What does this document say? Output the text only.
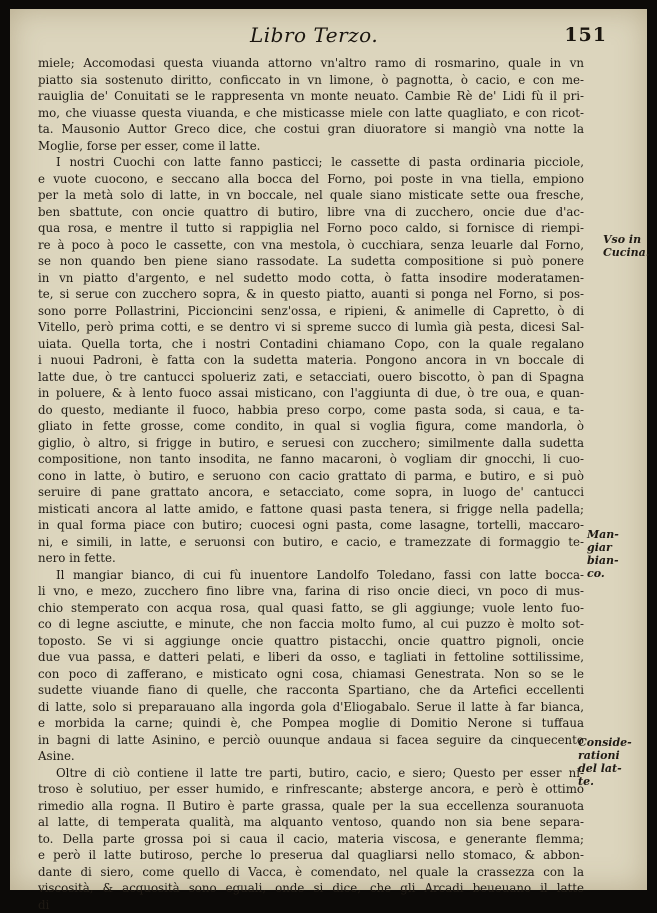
Libro Terzo.	151
miele; Accomodasi questa viuanda attorno vn'altro ramo di rosmarino, quale in vn
piatto sia sostenuto diritto, conficcato in vn limone, ò pagnotta, ò cacio, e con me-
rauiglia de' Conuitati se le rappresenta vn monte neuato. Cambie Rè de' Lidi fù il pri-
mo, che viuasse questa viuanda, e che misticasse miele con latte quagliato, e con ricot-
ta. Mausonio Auttor Greco dice, che costui gran diuoratore si mangiò vna notte la
Moglie, forse per esser, come il latte.
I nostri Cuochi con latte fanno pasticci; le cassette di pasta ordinaria picciole,
e vuote cuocono, e seccano alla bocca del Forno, poi poste in vna tiella, empiono
per la metà solo di latte, in vn boccale, nel quale siano misticate sette oua fresche,
ben sbattute, con oncie quattro di butiro, libre vna di zucchero, oncie due d'ac-
qua rosa, e mentre il tutto si rappiglia nel Forno poco caldo, si fornisce di riempi-
re à poco à poco le cassette, con vna mestola, ò cucchiara, senza leuarle dal Forno,
se non quando ben piene siano rassodate. La sudetta compositione si può ponere
in vn piatto d'argento, e nel sudetto modo cotta, ò fatta insodire moderatamen-
te, si serue con zucchero sopra, & in questo piatto, auanti si ponga nel Forno, si pos-
sono porre Pollastrini, Piccioncini senz'ossa, e ripieni, & animelle di Capretto, ò di
Vitello, però prima cotti, e se dentro vi si spreme succo di lumìa già pesta, dicesi Sal-
uiata. Quella torta, che i nostri Contadini chiamano Copo, con la quale regalano
i nuoui Padroni, è fatta con la sudetta materia. Pongono ancora in vn boccale di
latte due, ò tre cantucci spolueriz zati, e setacciati, ouero biscotto, ò pan di Spagna
in poluere, & à lento fuoco assai misticano, con l'aggiunta di due, ò tre oua, e quan-
do questo, mediante il fuoco, habbia preso corpo, come pasta soda, si caua, e ta-
gliato in fette grosse, come condito, in qual si voglia figura, come mandorla, ò
giglio, ò altro, si frigge in butiro, e seruesi con zucchero; similmente dalla sudetta
compositione, non tanto insodita, ne fanno macaroni, ò vogliam dir gnocchi, li cuo-
cono in latte, ò butiro, e seruono con cacio grattato di parma, e butiro, e si può
seruire di pane grattato ancora, e setacciato, come sopra, in luogo de' cantucci
misticati ancora al latte amido, e fattone quasi pasta tenera, si frigge nella padella;
in qual forma piace con butiro; cuocesi ogni pasta, come lasagne, tortelli, maccaro-
ni, e simili, in latte, e seruonsi con butiro, e cacio, e tramezzate di formaggio te-
nero in fette.
Il mangiar bianco, di cui fù inuentore Landolfo Toledano, fassi con latte bocca-
li vno, e mezo, zucchero fino libre vna, farina di riso oncie dieci, vn poco di mus-
chio stemperato con acqua rosa, qual quasi fatto, se gli aggiunge; vuole lento fuo-
co di legne asciutte, e minute, che non faccia molto fumo, al cui puzzo è molto sot-
toposto. Se vi si aggiunge oncie quattro pistacchi, oncie quattro pignoli, oncie
due vua passa, e datteri pelati, e liberi da osso, e tagliati in fettoline sottilissime,
con poco di zafferano, e misticato ogni cosa, chiamasi Genestrata. Non so se le
sudette viuande fiano di quelle, che racconta Spartiano, che da Artefici eccellenti
di latte, solo si preparauano alla ingorda gola d'Eliogabalo. Serue il latte à far bianca,
e morbida la carne; quindi è, che Pompea moglie di Domitio Nerone si tuffaua
in bagni di latte Asinino, e perciò ouunque andaua si facea seguire da cinquecento
Asine.
Oltre di ciò contiene il latte tre parti, butiro, cacio, e siero; Questo per esser ni-
troso è solutiuo, per esser humido, e rinfrescante; absterge ancora, e però è ottimo
rimedio alla rogna. Il Butiro è parte grassa, quale per la sua eccellenza souranuota
al latte, di temperata qualità, ma alquanto ventoso, quando non sia bene separa-
to. Della parte grossa poi si caua il cacio, materia viscosa, e generante flemma;
e però il latte butiroso, perche lo preserua dal quagliarsi nello stomaco, & abbon-
dante di siero, come quello di Vacca, è comendato, nel quale la crassezza con la
viscosità, & acquosità sono eguali, onde si dice, che gli Arcadi beueuano il latte
di
Vso in
Cucina.
Man-
giar bian-
co.
Conside-
rationi
del lat-
te.
